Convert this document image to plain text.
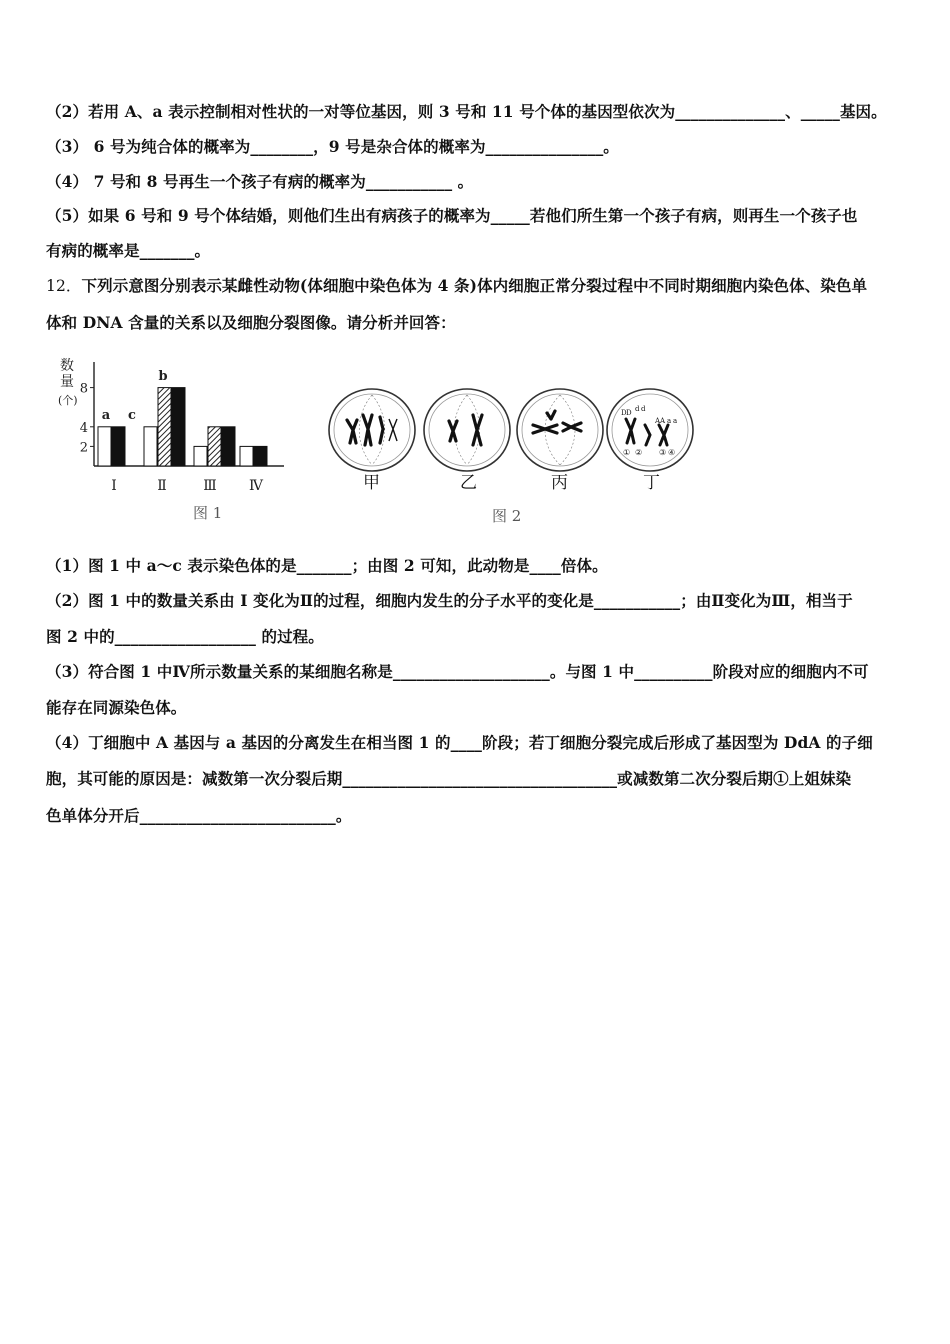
（2）若用 A、a 表示控制相对性状的一对等位基因，则 3 号和 11 号个体的基因型依次为______________、_____基因。
（3） 6 号为纯合体的概率为________，9 号是杂合体的概率为_______________。
（4） 7 号和 8 号再生一个孩子有病的概率为___________ 。
（5）如果 6 号和 9 号个体结婚，则他们生出有病孩子的概率为_____若他们所生第一个孩子有病，则再生一个孩子也
有病的概率是_______。
12．下列示意图分别表示某雌性动物(体细胞中染色体为 4 条)体内细胞正常分裂过程中不同时期细胞内染色体、染色单
体和 DNA 含量的关系以及细胞分裂图像。请分析并回答：
2
4
8
数
量
(个)
Ⅰ	Ⅱ	Ⅲ Ⅳ
a
b
c
图 1
D D d d
A A a a
① ② ③ ④
甲	乙	丙	丁
图 2
（1）图 1 中 a～c 表示染色体的是_______；由图 2 可知，此动物是____倍体。
（2）图 1 中的数量关系由 I 变化为Ⅱ的过程，细胞内发生的分子水平的变化是___________；由Ⅱ变化为Ⅲ，相当于
图 2 中的__________________ 的过程。
（3）符合图 1 中Ⅳ所示数量关系的某细胞名称是____________________。与图 1 中__________阶段对应的细胞内不可
能存在同源染色体。
（4）丁细胞中 A 基因与 a 基因的分离发生在相当图 1 的____阶段；若丁细胞分裂完成后形成了基因型为 DdA 的子细
胞，其可能的原因是：减数第一次分裂后期___________________________________或减数第二次分裂后期①上姐妹染
色单体分开后_________________________。
